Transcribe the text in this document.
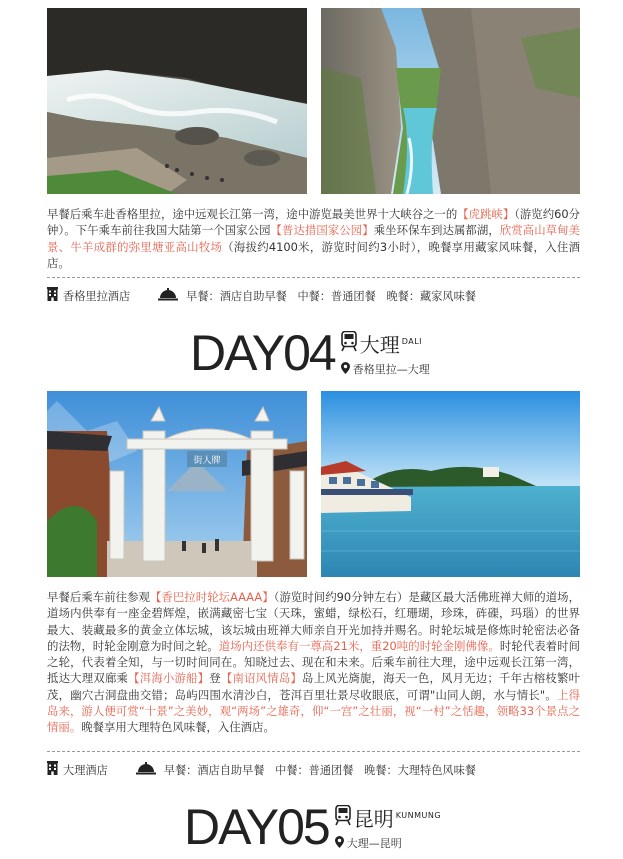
早餐后乘车赴香格里拉，途中远观长江第一湾，途中游览最美世界十大峡谷之一的【虎跳峡】（游览约60分钟）。下午乘车前往我国大陆第一个国家公园【普达措国家公园】乘坐环保车到达属都湖，欣赏高山草甸美景、牛羊成群的弥里塘亚高山牧场（海拔约4100米，游览时间约3小时），晚餐享用藏家风味餐，入住酒店。

香格里拉酒店	早餐：酒店自助早餐   中餐：普通团餐   晚餐：藏家风味餐
DAY04 大理 DALI
香格里拉—大理
街人牌

早餐后乘车前往参观【香巴拉时轮坛AAAA】（游览时间约90分钟左右）是藏区最大活佛班禅大师的道场，道场内供奉有一座金碧辉煌，嵌满藏密七宝（天珠，蜜蜡，绿松石，红珊瑚，珍珠，砗磲，玛瑙）的世界最大、装藏最多的黄金立体坛城，该坛城由班禅大师亲自开光加持并赐名。时轮坛城是修炼时轮密法必备的法物，时轮金刚意为时间之轮。道场内还供奉有一尊高21米，重20吨的时轮金刚佛像。时轮代表着时间之轮，代表着全知，与一切时间同在。知晓过去、现在和未来。后乘车前往大理，途中远观长江第一湾，抵达大理双廊乘【洱海小游船】登【南诏风情岛】岛上风光旖旎，海天一色，风月无边；千年古榕枝繁叶茂，幽穴古洞盘曲交错；岛屿四围水清沙白，苍洱百里壮景尽收眼底，可谓"山同人朗，水与情长"。上得岛来，游人便可赏“十景”之美妙，观“两场”之雄奇，仰“一宫”之壮丽，视“一村”之恬趣，领略33个景点之情丽。晚餐享用大理特色风味餐，入住酒店。

大理酒店	早餐：酒店自助早餐   中餐：普通团餐   晚餐：大理特色风味餐
DAY05 昆明 KUNMUNG
大理—昆明
